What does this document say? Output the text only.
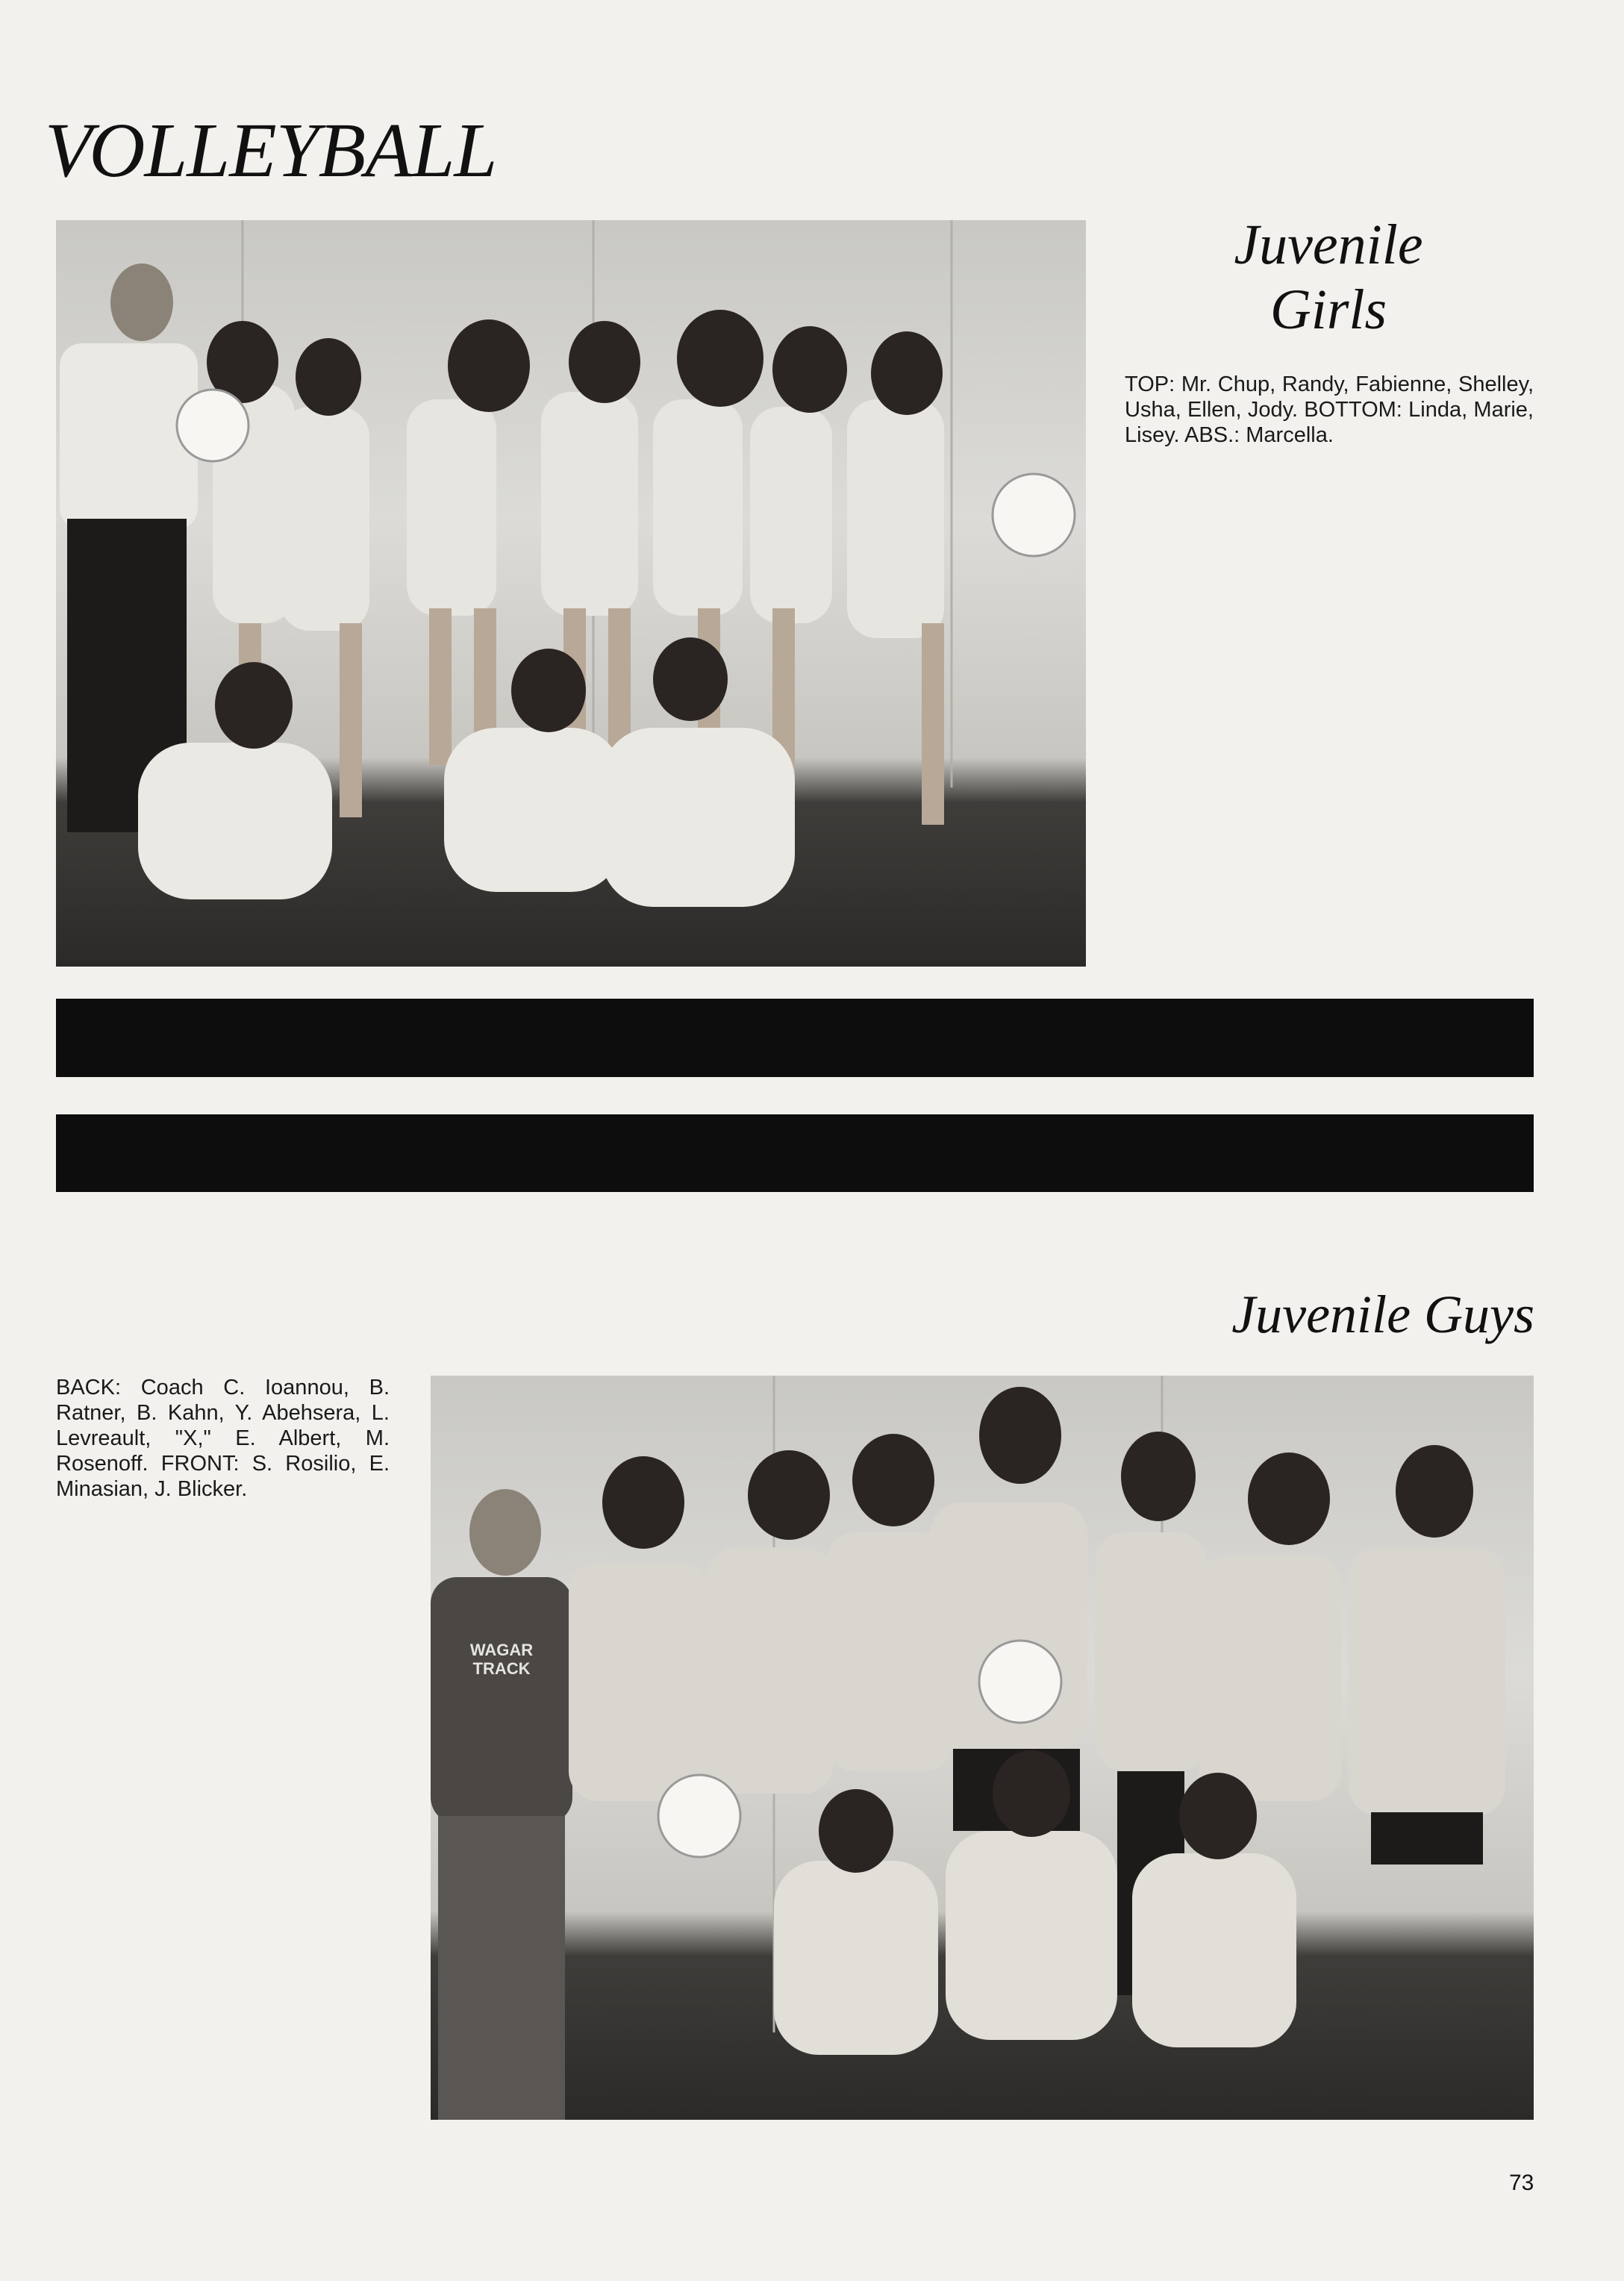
VOLLEYBALL
Juvenile
Girls
TOP: Mr. Chup, Randy, Fabienne, Shelley, Usha, Ellen, Jody. BOTTOM: Linda, Marie, Lisey. ABS.: Marcella.
Juvenile Guys
BACK: Coach C. Ioannou, B. Ratner, B. Kahn, Y. Abehsera, L. Levreault, "X," E. Albert, M. Rosenoff. FRONT: S. Rosilio, E. Minasian, J. Blicker.
WAGAR
TRACK
73
